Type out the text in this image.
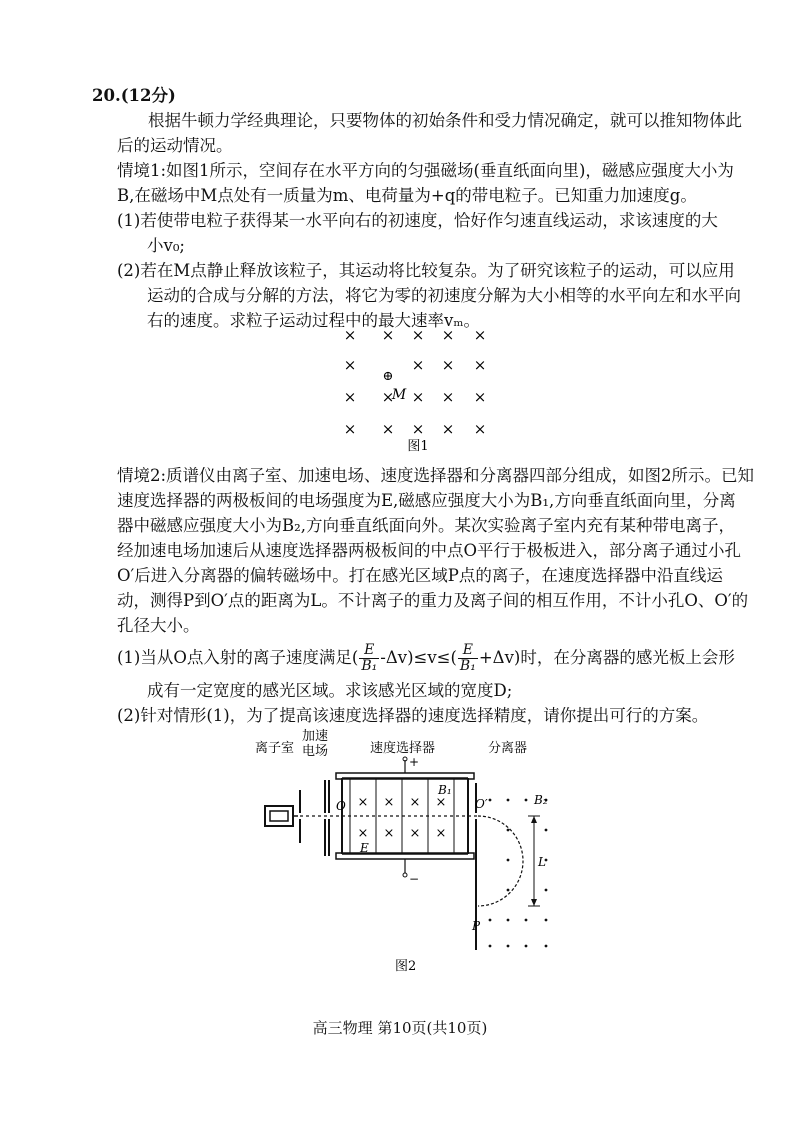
20.(12分)
根据牛顿力学经典理论，只要物体的初始条件和受力情况确定，就可以推知物体此
后的运动情况。
情境1:如图1所示，空间存在水平方向的匀强磁场(垂直纸面向里)，磁感应强度大小为
B,在磁场中M点处有一质量为m、电荷量为+q的带电粒子。已知重力加速度g。
(1)若使带电粒子获得某一水平向右的初速度，恰好作匀速直线运动，求该速度的大
小v₀;
(2)若在M点静止释放该粒子，其运动将比较复杂。为了研究该粒子的运动，可以应用
运动的合成与分解的方法，将它为零的初速度分解为大小相等的水平向左和水平向
右的速度。求粒子运动过程中的最大速率vₘ。
× × × × ×
×	× × ×
× × × × ×
× × × × ×
⊕
M
图1
情境2:质谱仪由离子室、加速电场、速度选择器和分离器四部分组成，如图2所示。已知
速度选择器的两极板间的电场强度为E,磁感应强度大小为B₁,方向垂直纸面向里，分离
器中磁感应强度大小为B₂,方向垂直纸面向外。某次实验离子室内充有某种带电离子，
经加速电场加速后从速度选择器两极板间的中点O平行于极板进入，部分离子通过小孔
O′后进入分离器的偏转磁场中。打在感光区域P点的离子，在速度选择器中沿直线运
动，测得P到O′点的距离为L。不计离子的重力及离子间的相互作用，不计小孔O、O′的
孔径大小。
(1)当从O点入射的离子速度满足( $\frac{E}{\text{B₁}} -\Delta v)\le v\le( \frac{E}{\text{B₁}} +\Delta v)$时，在分离器的感光板上会形
成有一定宽度的感光区域。求该感光区域的宽度D;
(2)针对情形(1)，为了提高该速度选择器的速度选择精度，请你提出可行的方案。
离子室
加速
电场	速度选择器	分离器
× × × ×
× × × ×
+
−
O
E
B₁
O′	B₂
L
P
图2
高三物理 第10页(共10页)
